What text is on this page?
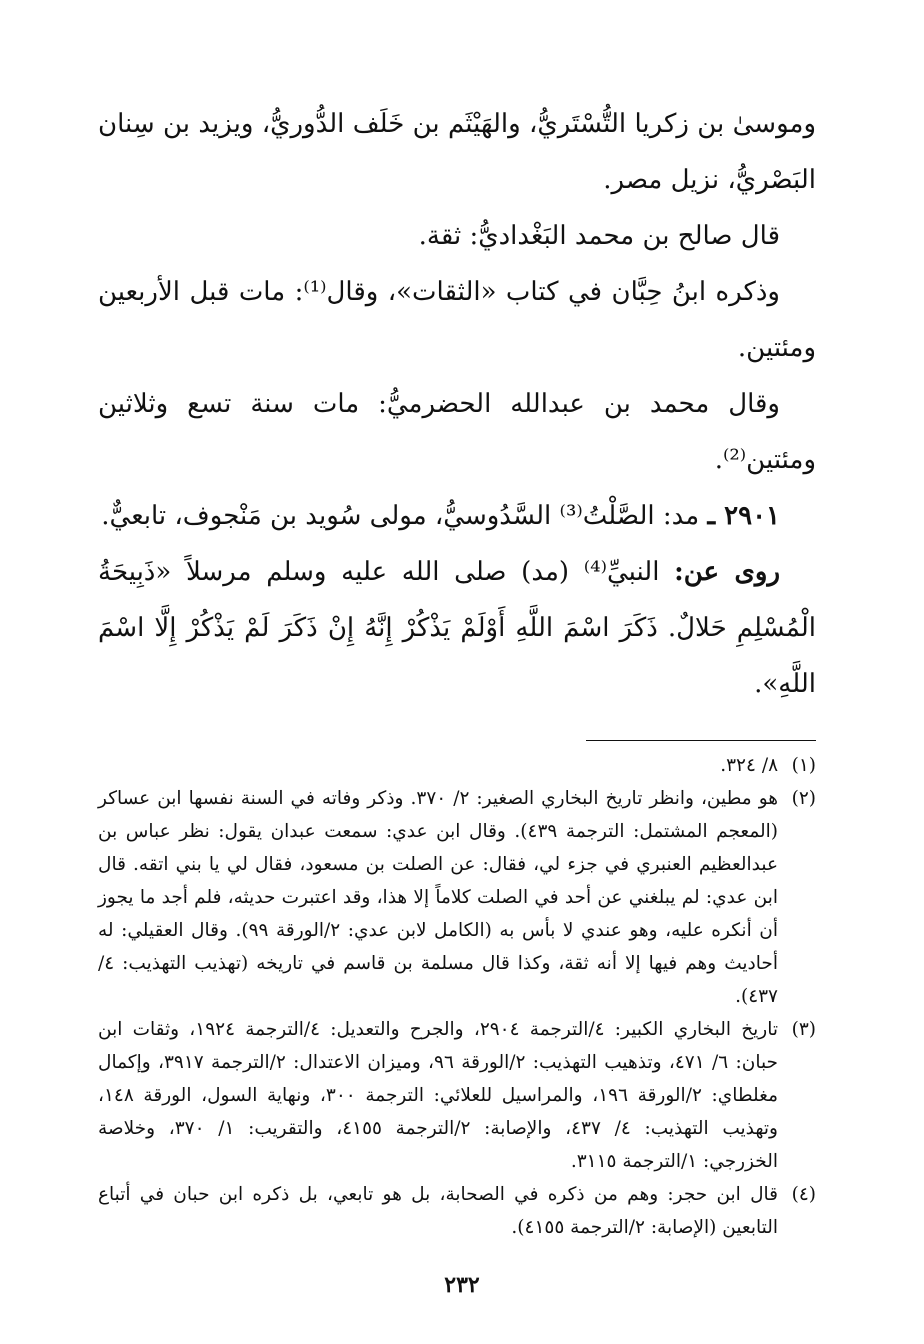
وموسىٰ بن زكريا التُّسْتَريُّ، والهَيْثَم بن خَلَف الدُّوريُّ، ويزيد بن سِنان البَصْريُّ، نزيل مصر.

قال صالح بن محمد البَغْداديُّ: ثقة.

وذكره ابنُ حِبَّان في كتاب «الثقات»، وقال⁽¹⁾: مات قبل الأربعين ومئتين.

وقال محمد بن عبدالله الحضرميُّ: مات سنة تسع وثلاثين ومئتين⁽²⁾.

٢٩٠١ ـ مد: الصَّلْتُ⁽³⁾ السَّدُوسيُّ، مولى سُويد بن مَنْجوف، تابعيٌّ.

روى عن: النبيِّ⁽⁴⁾ (مد) صلى الله عليه وسلم مرسلاً «ذَبِيحَةُ الْمُسْلِمِ حَلالٌ. ذَكَرَ اسْمَ اللَّهِ أَوْلَمْ يَذْكُرْ إِنَّهُ إِنْ ذَكَرَ لَمْ يَذْكُرْ إِلَّا اسْمَ اللَّهِ».

(١)
٨/ ٣٢٤.
(٢)
هو مطين، وانظر تاريخ البخاري الصغير: ٢/ ٣٧٠. وذكر وفاته في السنة نفسها ابن عساكر (المعجم المشتمل: الترجمة ٤٣٩). وقال ابن عدي: سمعت عبدان يقول: نظر عباس بن عبدالعظيم العنبري في جزء لي، فقال: عن الصلت بن مسعود، فقال لي يا بني اتقه. قال ابن عدي: لم يبلغني عن أحد في الصلت كلاماً إلا هذا، وقد اعتبرت حديثه، فلم أجد ما يجوز أن أنكره عليه، وهو عندي لا بأس به (الكامل لابن عدي: ٢/الورقة ٩٩). وقال العقيلي: له أحاديث وهم فيها إلا أنه ثقة، وكذا قال مسلمة بن قاسم في تاريخه (تهذيب التهذيب: ٤/ ٤٣٧).
(٣)
تاريخ البخاري الكبير: ٤/الترجمة ٢٩٠٤، والجرح والتعديل: ٤/الترجمة ١٩٢٤، وثقات ابن حبان: ٦/ ٤٧١، وتذهيب التهذيب: ٢/الورقة ٩٦، وميزان الاعتدال: ٢/الترجمة ٣٩١٧، وإكمال مغلطاي: ٢/الورقة ١٩٦، والمراسيل للعلائي: الترجمة ٣٠٠، ونهاية السول، الورقة ١٤٨، وتهذيب التهذيب: ٤/ ٤٣٧، والإصابة: ٢/الترجمة ٤١٥٥، والتقريب: ١/ ٣٧٠، وخلاصة الخزرجي: ١/الترجمة ٣١١٥.
(٤)
قال ابن حجر: وهم من ذكره في الصحابة، بل هو تابعي، بل ذكره ابن حبان في أتباع التابعين (الإصابة: ٢/الترجمة ٤١٥٥).
٢٣٢
